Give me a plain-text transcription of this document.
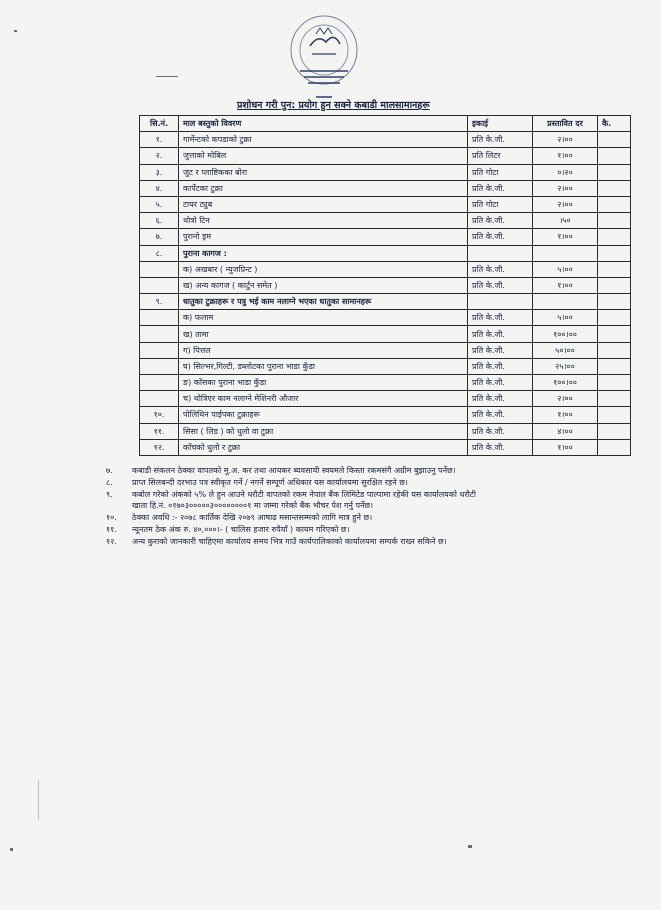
प्रशोधन गरी पुन: प्रयोग हुन सक्ने कबाडी मालसामानहरू
सि.नं.	माल बस्तुको विवरण	इकाई	प्रस्तावित दर	कै.
१.	गार्मेन्टको कपडाको टुक्रा	प्रति के.जी.	२।००	
२.	जुत्ताको मोबिल	प्रति लिटर	१।००	
३.	जुट र प्लाष्टिकका बोरा	प्रति गोटा	०।२०	
४.	कार्पेटका टुक्रा	प्रति के.जी.	२।००	
५.	टायर ट्युब	प्रति गोटा	२।००	
६.	थोत्रो टिन	प्रति के.जी.	।५०	
७.	पुरानो ड्रम	प्रति के.जी.	१।००	
८.	पुराना कागज :			
	क) अखबार ( न्युजप्रिन्ट )	प्रति के.जी.	५।००	
	ख) अन्य कागज ( कार्टुन समेत )	प्रति के.जी.	१।००	
९.	धातुका टुक्राहरू र पत्रु भई काम नलाग्ने भएका धातुका सामानहरू			
	क) फलाम	प्रति के.जी.	५।००	
	ख) तामा	प्रति के.जी.	१००।००	
	ग) पित्तल	प्रति के.जी.	५०।००	
	घ) सिल्भर,गिल्टी, डब्लोटका पुराना भाडा कुँडा	प्रति के.जी.	२५।००	
	ङ) काँसका पुराना भाडा कुँडा	प्रति के.जी.	१००।००	
	च) थोत्रिएर काम नलाग्ने मेशिनरी औजार	प्रति के.जी.	२।००	
१०.	पोलिथिन पाईपका टुक्राहरू	प्रति के.जी.	१।००	
११.	सिसा ( लिड ) को धुलो वा टुक्रा	प्रति के.जी.	४।००	
१२.	काँचको धुलो र टुक्रा	प्रति के.जी.	१।००	
७.	कबाडी संकलन ठेक्का वापतको मु.अ. कर तथा आयकर ब्यवसायी स्वयमले किस्ता रकमसंगै अग्रीम बुझाउनु पर्नेछ।
८.	प्राप्त सिलबन्दी दरभाउ पत्र स्वीकृत गर्ने / नगर्ने सम्पूर्ण अधिकार यस कार्यालयमा सुरक्षित रहने छ।
९.	कबोल गरेको अंकको ५% ले हुन आउने धरौटी वापतको रकम नेपाल बैंक लिमिटेड पाल्पामा रहेकी यस कार्यालयको धरौटी
खाता हि.नं. ०१७०३०००००३००००००००१ मा जम्मा गरेको बैंक भौचर पेश गर्नु पर्नेछ।
१०.	ठेक्का अवधि :- २०७८ कार्तिक देखि २०७९ आषाढ मसान्तसम्मको लागि मात्र हुने छ।
११.	न्यूनतम ठेक अंक रु. ४०,०००।- ( चालिस हजार रुपैयाँ ) कायम गरिएको छ।
१२.	अन्य कुराको जानकारी चाहिएमा कार्यालय समय भित्र गाउँ कार्यपालिकाको कार्यालयमा सम्पर्क राख्न सकिने छ।
